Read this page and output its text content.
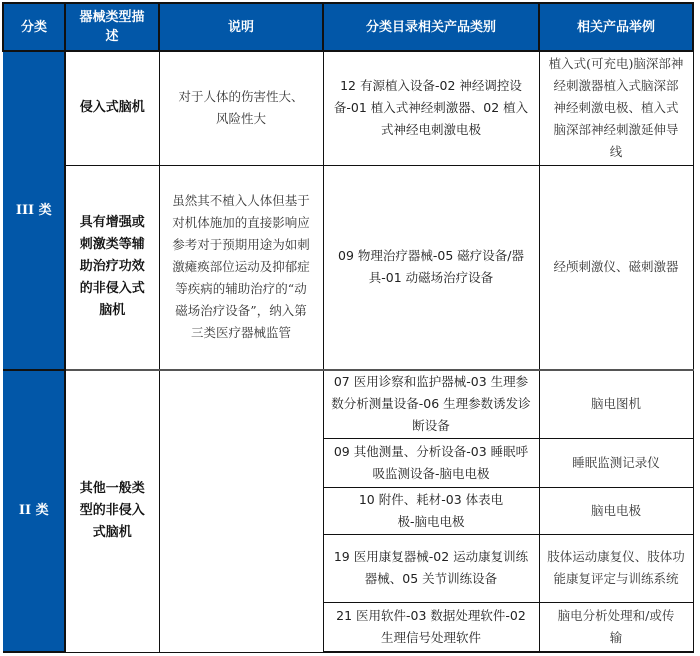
分类	器械类型描述	说明	分类目录相关产品类别	相关产品举例
III 类	侵入式脑机	对于人体的伤害性大、风险性大	12 有源植入设备-02 神经调控设备-01 植入式神经刺激器、02 植入式神经电刺激电极	植入式(可充电)脑深部神经刺激器植入式脑深部神经刺激电极、植入式脑深部神经刺激延伸导线
	具有增强或刺激类等辅助治疗功效的非侵入式脑机	虽然其不植入人体但基于对机体施加的直接影响应参考对于预期用途为如刺激瘫痪部位运动及抑郁症等疾病的辅助治疗的“动磁场治疗设备”，纳入第三类医疗器械监管	09 物理治疗器械-05 磁疗设备/器具-01 动磁场治疗设备	经颅刺激仪、磁刺激器
II 类	其他一般类型的非侵入式脑机		07 医用诊察和监护器械-03 生理参数分析测量设备-06 生理参数诱发诊断设备	脑电图机
			09 其他测量、分析设备-03 睡眠呼吸监测设备-脑电电极	睡眠监测记录仪
			10 附件、耗材-03 体表电极-脑电电极	脑电电极
			19 医用康复器械-02 运动康复训练器械、05 关节训练设备	肢体运动康复仪、肢体功能康复评定与训练系统
			21 医用软件-03 数据处理软件-02 生理信号处理软件	脑电分析处理和/或传输
